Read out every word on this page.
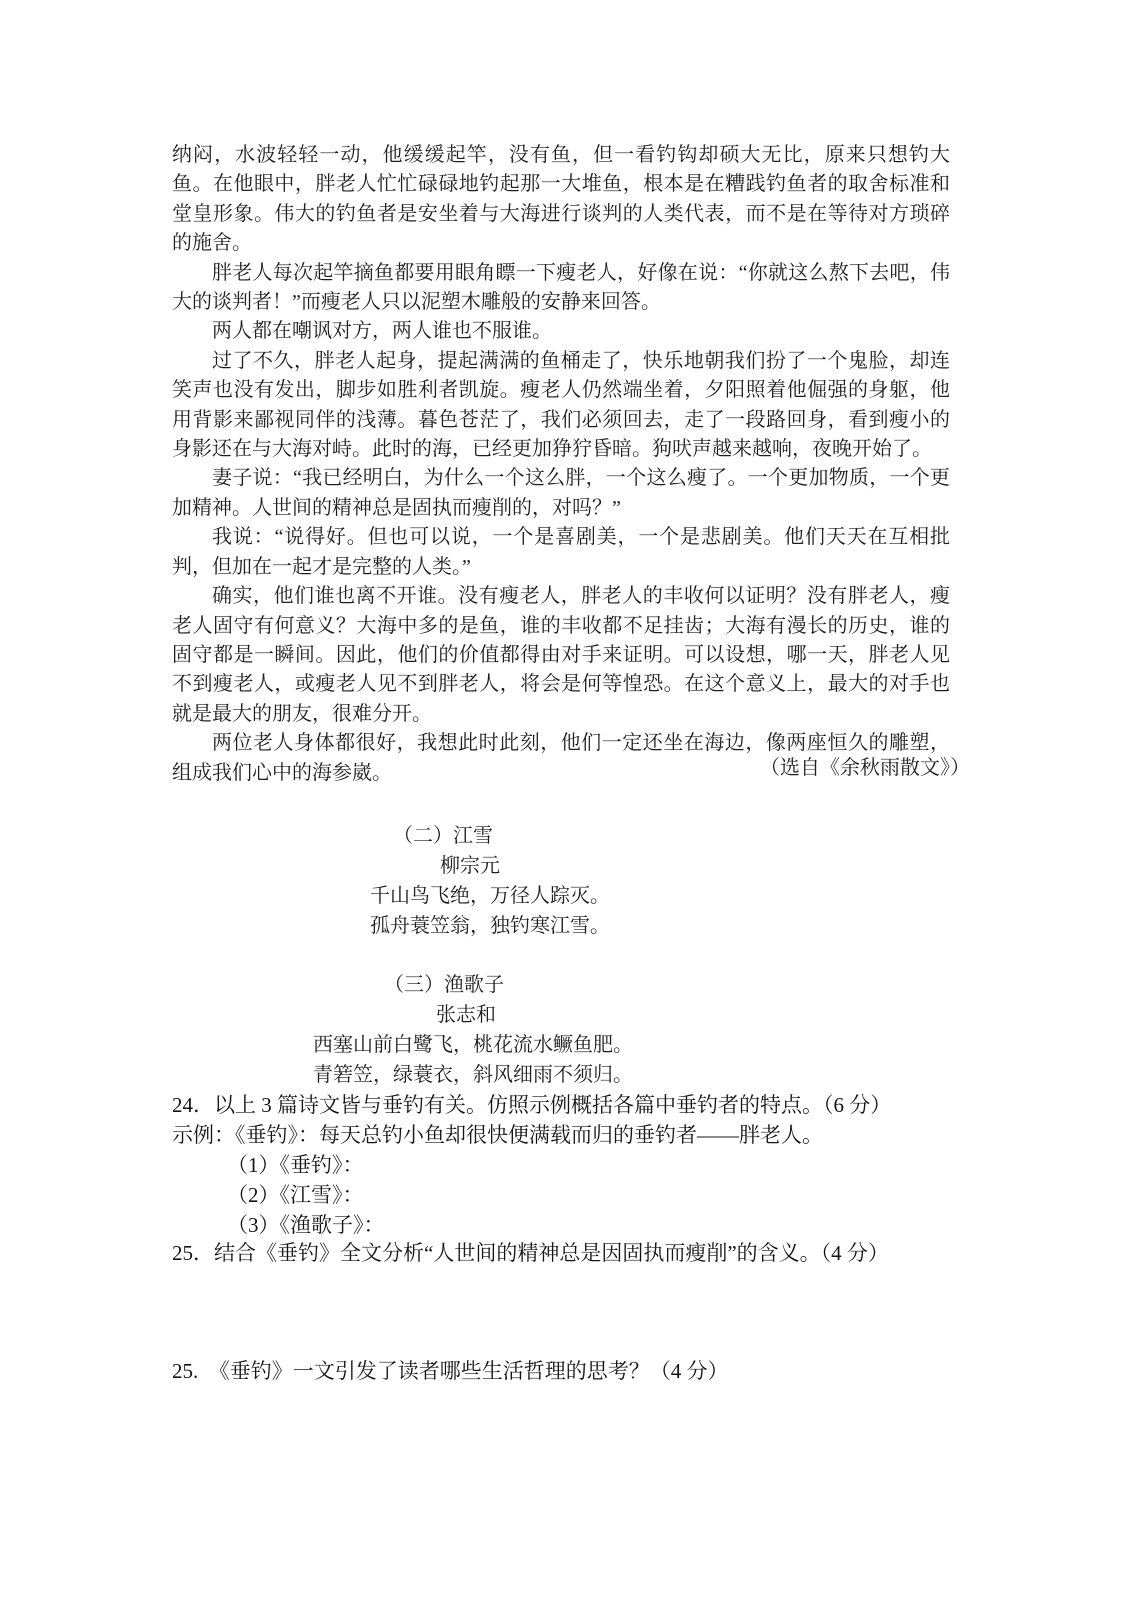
纳闷，水波轻轻一动，他缓缓起竿，没有鱼，但一看钓钩却硕大无比，原来只想钓大鱼。在他眼中，胖老人忙忙碌碌地钓起那一大堆鱼，根本是在糟践钓鱼者的取舍标准和堂皇形象。伟大的钓鱼者是安坐着与大海进行谈判的人类代表，而不是在等待对方琐碎的施舍。

胖老人每次起竿摘鱼都要用眼角瞟一下瘦老人，好像在说：“你就这么熬下去吧，伟大的谈判者！”而瘦老人只以泥塑木雕般的安静来回答。

两人都在嘲讽对方，两人谁也不服谁。

过了不久，胖老人起身，提起满满的鱼桶走了，快乐地朝我们扮了一个鬼脸，却连笑声也没有发出，脚步如胜利者凯旋。瘦老人仍然端坐着，夕阳照着他倔强的身躯，他用背影来鄙视同伴的浅薄。暮色苍茫了，我们必须回去，走了一段路回身，看到瘦小的身影还在与大海对峙。此时的海，已经更加狰狞昏暗。狗吠声越来越响，夜晚开始了。

妻子说：“我已经明白，为什么一个这么胖，一个这么瘦了。一个更加物质，一个更加精神。人世间的精神总是固执而瘦削的，对吗？”

我说：“说得好。但也可以说，一个是喜剧美，一个是悲剧美。他们天天在互相批判，但加在一起才是完整的人类。”

确实，他们谁也离不开谁。没有瘦老人，胖老人的丰收何以证明？没有胖老人，瘦老人固守有何意义？大海中多的是鱼，谁的丰收都不足挂齿；大海有漫长的历史，谁的固守都是一瞬间。因此，他们的价值都得由对手来证明。可以设想，哪一天，胖老人见不到瘦老人，或瘦老人见不到胖老人，将会是何等惶恐。在这个意义上，最大的对手也就是最大的朋友，很难分开。

两位老人身体都很好，我想此时此刻，他们一定还坐在海边，像两座恒久的雕塑，组成我们心中的海参崴。	（选自《余秋雨散文》）
（二）江雪
柳宗元
千山鸟飞绝，万径人踪灭。
孤舟蓑笠翁，独钓寒江雪。
（三）渔歌子
张志和
西塞山前白鹭飞，桃花流水鳜鱼肥。
青箬笠，绿蓑衣，斜风细雨不须归。
24．以上 3 篇诗文皆与垂钓有关。仿照示例概括各篇中垂钓者的特点。（6 分）
示例：《垂钓》：每天总钓小鱼却很快便满载而归的垂钓者——胖老人。
（1）《垂钓》：
（2）《江雪》：
（3）《渔歌子》：
25．结合《垂钓》全文分析“人世间的精神总是因固执而瘦削”的含义。（4 分）
25.　《垂钓》一文引发了读者哪些生活哲理的思考？（4 分）
